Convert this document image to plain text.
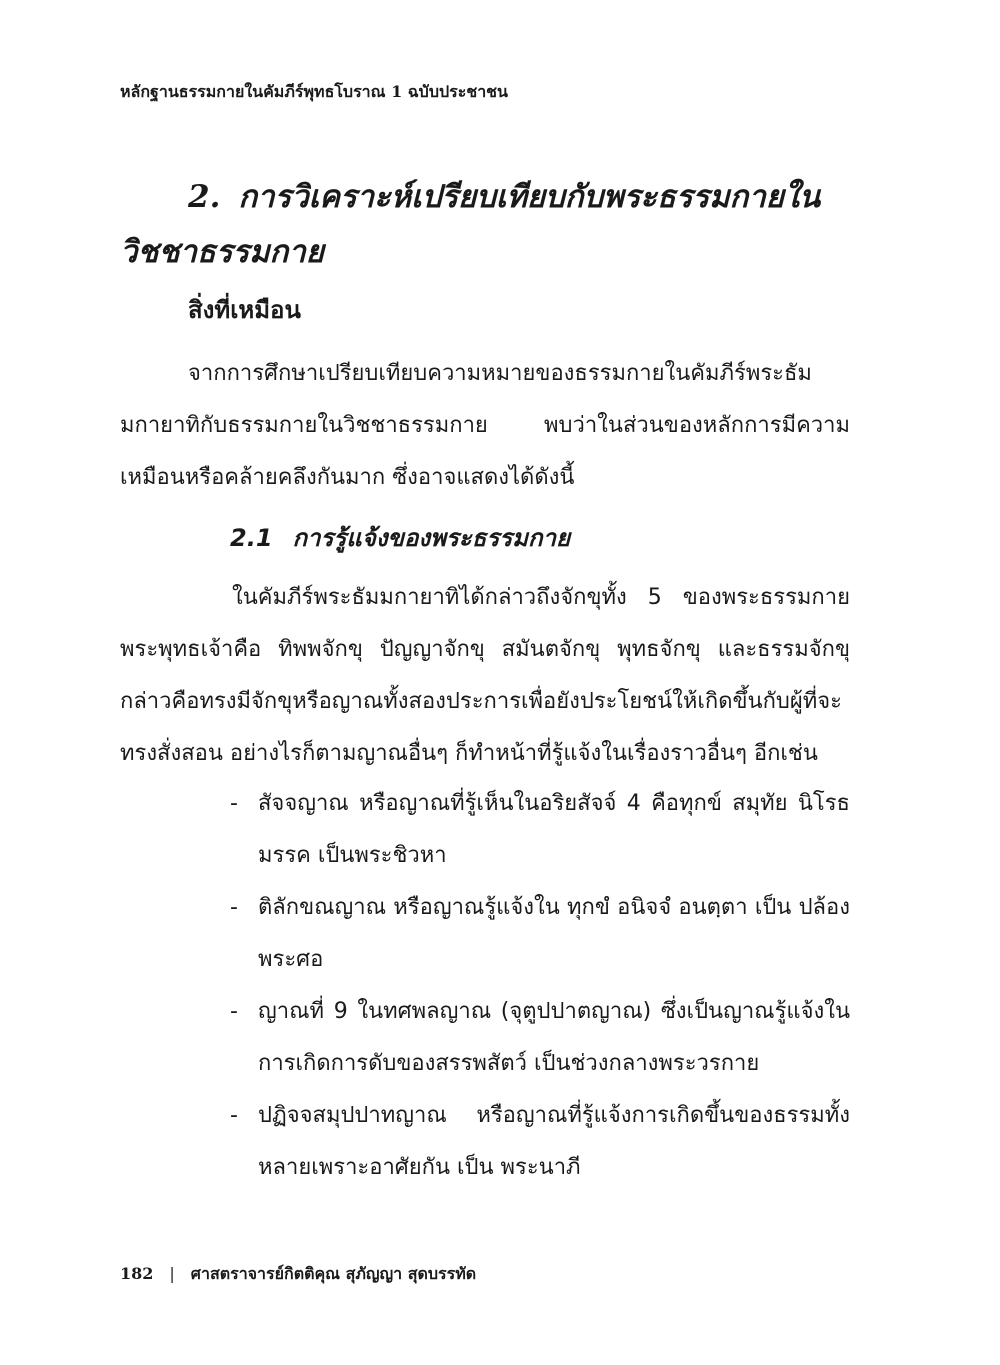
หลักฐานธรรมกายในคัมภีร์พุทธโบราณ 1 ฉบับประชาชน
2. การวิเคราะห์เปรียบเทียบกับพระธรรมกายในวิชชาธรรมกาย
สิ่งที่เหมือน
จากการศึกษาเปรียบเทียบความหมายของธรรมกายในคัมภีร์พระธัมมกายาทิกับธรรมกายในวิชชาธรรมกาย พบว่าในส่วนของหลักการมีความเหมือนหรือคล้ายคลึงกันมาก ซึ่งอาจแสดงได้ดังนี้
2.1 การรู้แจ้งของพระธรรมกาย
ในคัมภีร์พระธัมมกายาทิได้กล่าวถึงจักขุทั้ง 5 ของพระธรรมกาย พระพุทธเจ้าคือ ทิพพจักขุ ปัญญาจักขุ สมันตจักขุ พุทธจักขุ และธรรมจักขุ กล่าวคือทรงมีจักขุหรือญาณทั้งสองประการเพื่อยังประโยชน์ให้เกิดขึ้นกับผู้ที่จะทรงสั่งสอน อย่างไรก็ตามญาณอื่นๆ ก็ทำหน้าที่รู้แจ้งในเรื่องราวอื่นๆ อีกเช่น
- สัจจญาณ หรือญาณที่รู้เห็นในอริยสัจจ์ 4 คือทุกข์ สมุทัย นิโรธ มรรค เป็นพระชิวหา
- ติลักขณญาณ หรือญาณรู้แจ้งใน ทุกขํ อนิจจํ อนตฺตา เป็น ปล้องพระศอ
- ญาณที่ 9 ในทศพลญาณ (จุตูปปาตญาณ) ซึ่งเป็นญาณรู้แจ้งในการเกิดการดับของสรรพสัตว์ เป็นช่วงกลางพระวรกาย
- ปฏิจจสมุปปาทญาณ หรือญาณที่รู้แจ้งการเกิดขึ้นของธรรมทั้งหลายเพราะอาศัยกัน เป็น พระนาภี
182 | ศาสตราจารย์กิตติคุณ สุภัญญา สุดบรรทัด
